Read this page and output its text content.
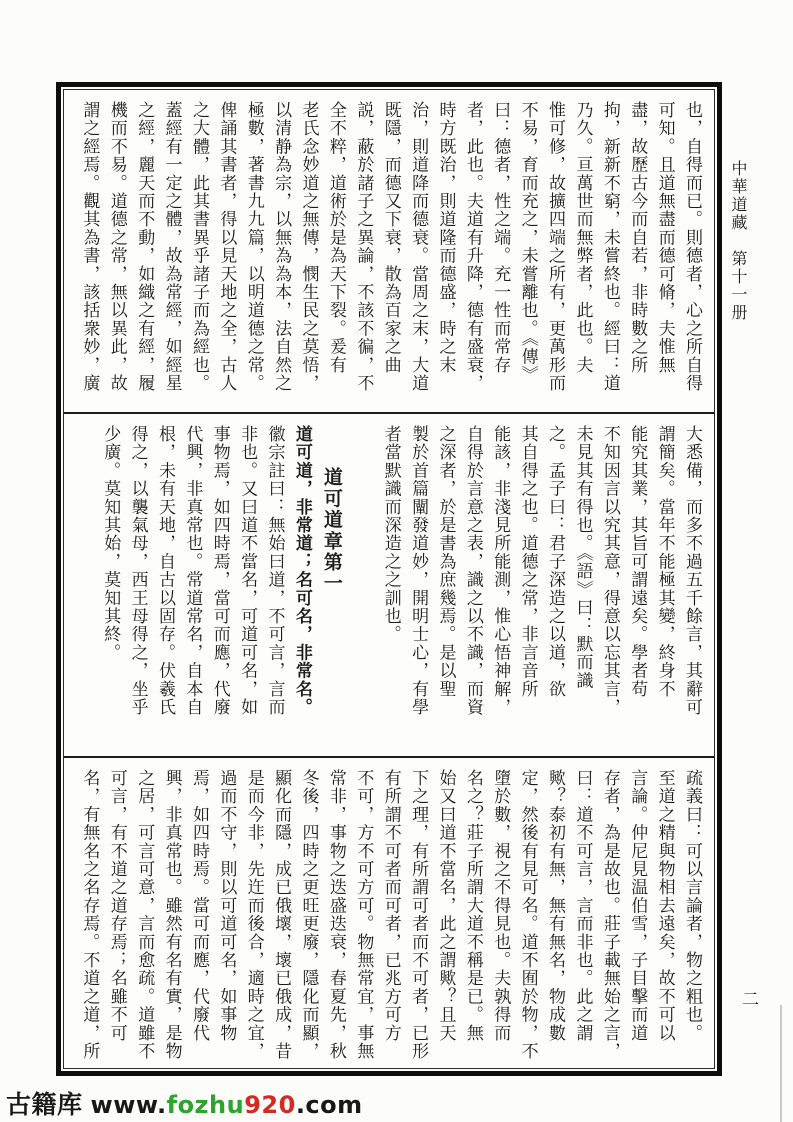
也，自得而已。則德者，心之所自得
可知。且道無盡而德可脩，夫惟無
盡，故歷古今而自若，非時數之所
拘，新新不窮，未嘗終也。經曰：道
乃久。亘萬世而無弊者，此也。夫
惟可修，故擴四端之所有，更萬形而
不易，育而充之，未嘗離也。《傳》
曰：德者，性之端。充一性而常存
者，此也。夫道有升降，德有盛衰，
時方既治，則道隆而德盛，時之末
治，則道降而德衰。當周之末，大道
既隱，而德又下衰，散為百家之曲
説，蔽於諸子之異論，不該不徧，不
全不粹，道術於是為天下裂。爰有
老氏念妙道之無傳，憫生民之莫悟，
以清静為宗，以無為為本，法自然之
極數，著書九九篇，以明道德之常。
俾誦其書者，得以見天地之全，古人
之大體，此其書異乎諸子而為經也。
蓋經有一定之體，故為常經，如經星
之經，麗天而不動，如織之有經，履
機而不易。道德之常，無以異此，故
謂之經焉。觀其為書，該括衆妙，廣
大悉備，而多不過五千餘言，其辭可
謂簡矣。當年不能極其變，終身不
能究其業，其旨可謂遠矣。學者苟
不知因言以究其意，得意以忘其言，
未見其有得也。《語》曰：默而識
之。孟子曰：君子深造之以道，欲
其自得之也。道德之常，非言音所
能該，非淺見所能測，惟心悟神解，
自得於言意之表，識之以不識，而資
之深者，於是書為庶幾焉。是以聖
製於首篇闡發道妙，開明士心，有學
者當默識而深造之之訓也。
道可道章第一
道可道，非常道；名可名，非常名。
徽宗註曰：無始曰道，不可言，言而
非也。又曰道不當名，可道可名，如
事物焉，如四時焉，當可而應，代廢
代興，非真常也。常道常名，自本自
根，未有天地，自古以固存。伏羲氏
得之，以襲氣母，西王母得之，坐乎
少廣。莫知其始，莫知其終。
疏義曰：可以言論者，物之粗也。
至道之精與物相去遠矣，故不可以
言論。仲尼見温伯雪，子目擊而道
存者，為是故也。莊子載無始之言，
曰：道不可言，言而非也。此之謂
歟？泰初有無，無有無名，物成數
定，然後有見可名。道不囿於物，不
墮於數，視之不得見也。夫孰得而
名之？莊子所謂大道不稱是已。無
始又曰道不當名，此之謂歟？且天
下之理，有所謂可者而不可者，已形
有所謂不可者而可者，已兆方可方
不可，方不可方可。物無常宜，事無
常非，事物之迭盛迭衰，春夏先，秋
冬後，四時之更旺更廢，隱化而顯，
顯化而隱，成已俄壞，壞已俄成，昔
是而今非，先迕而後合，適時之宜，
過而不守，則以可道可名，如事物
焉，如四時焉。當可而應，代廢代
興，非真常也。雖然有名有實，是物
之居，可言可意，言而愈疏。道雖不
可言，有不道之道存焉；名雖不可
名，有無名之名存焉。不道之道，所
中華道藏　第十一册
二
古籍库 www.fozhu920.com
